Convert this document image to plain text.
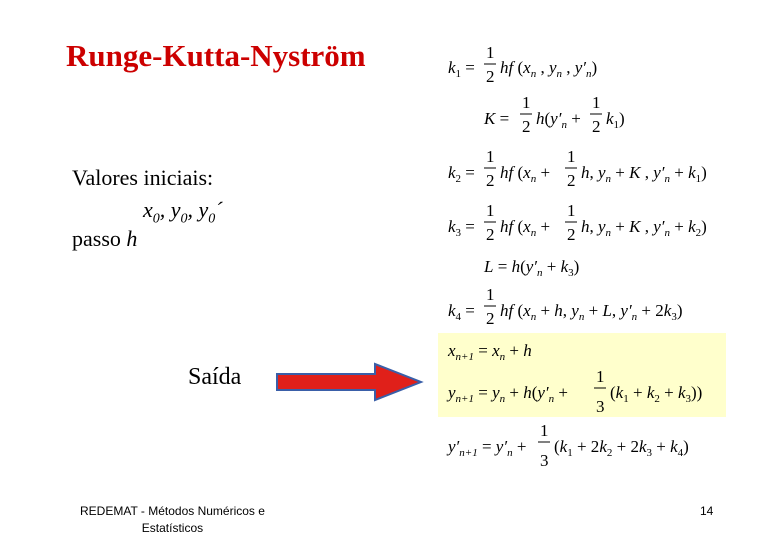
Runge-Kutta-Nyström
Valores iniciais:
$x_0$, $y_0$, $y_0´$
passo h
Saída
$k_1$ =
1
2 hf ($x_n$ , $y_n$ , $y'_n$)
K =
1
2 $h(y'_n$ +
1
2 $k_1$)
$k_2$ =
1
2 hf ($x_n$ +
1
2 h, $y_n + K$ , $y'_n + k_1$)
$k_3$ =
1
2 hf ($x_n$ +
1
2 h, $y_n + K$ , $y'_n + k_2$)
$L = h(y'_n + k_3)$
$k_4$ =
1
2 hf ($x_n + h$, $y_n + L$, $y'_n + 2k_3$)
$x_{n+1} = x_n + h$
$y_{n+1} = y_n + h(y'_n$ +
1
3
$(k_1 + k_2 + k_3)$)
$y'_{n+1} = y'_n$ +
1
3
$(k_1 + 2k_2 + 2k_3 + k_4)$
REDEMAT - Métodos Numéricos e
Estatísticos
14
